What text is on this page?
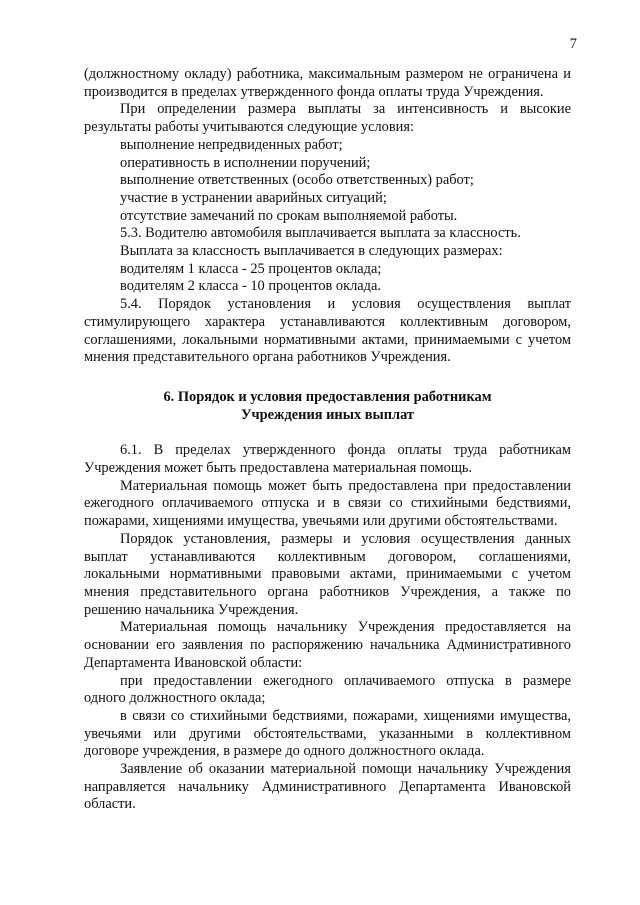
7

(должностному окладу) работника, максимальным размером не ограничена и производится в пределах утвержденного фонда оплаты труда Учреждения.

При определении размера выплаты за интенсивность и высокие результаты работы учитываются следующие условия:

выполнение непредвиденных работ;

оперативность в исполнении поручений;

выполнение ответственных (особо ответственных) работ;

участие в устранении аварийных ситуаций;

отсутствие замечаний по срокам выполняемой работы.

5.3. Водителю автомобиля выплачивается выплата за классность.

Выплата за классность выплачивается в следующих размерах:

водителям 1 класса - 25 процентов оклада;

водителям 2 класса - 10 процентов оклада.

5.4. Порядок установления и условия осуществления выплат стимулирующего характера устанавливаются коллективным договором, соглашениями, локальными нормативными актами, принимаемыми с учетом мнения представительного органа работников Учреждения.

6. Порядок и условия предоставления работникам

Учреждения иных выплат

6.1. В пределах утвержденного фонда оплаты труда работникам Учреждения может быть предоставлена материальная помощь.

Материальная помощь может быть предоставлена при предоставлении ежегодного оплачиваемого отпуска и в связи со стихийными бедствиями, пожарами, хищениями имущества, увечьями или другими обстоятельствами.

Порядок установления, размеры и условия осуществления данных выплат устанавливаются коллективным договором, соглашениями, локальными нормативными правовыми актами, принимаемыми с учетом мнения представительного органа работников Учреждения, а также по решению начальника Учреждения.

Материальная помощь начальнику Учреждения предоставляется на основании его заявления по распоряжению начальника Административного Департамента Ивановской области:

при предоставлении ежегодного оплачиваемого отпуска в размере одного должностного оклада;

в связи со стихийными бедствиями, пожарами, хищениями имущества, увечьями или другими обстоятельствами, указанными в коллективном договоре учреждения, в размере до одного должностного оклада.

Заявление об оказании материальной помощи начальнику Учреждения направляется начальнику Административного Департамента Ивановской области.
